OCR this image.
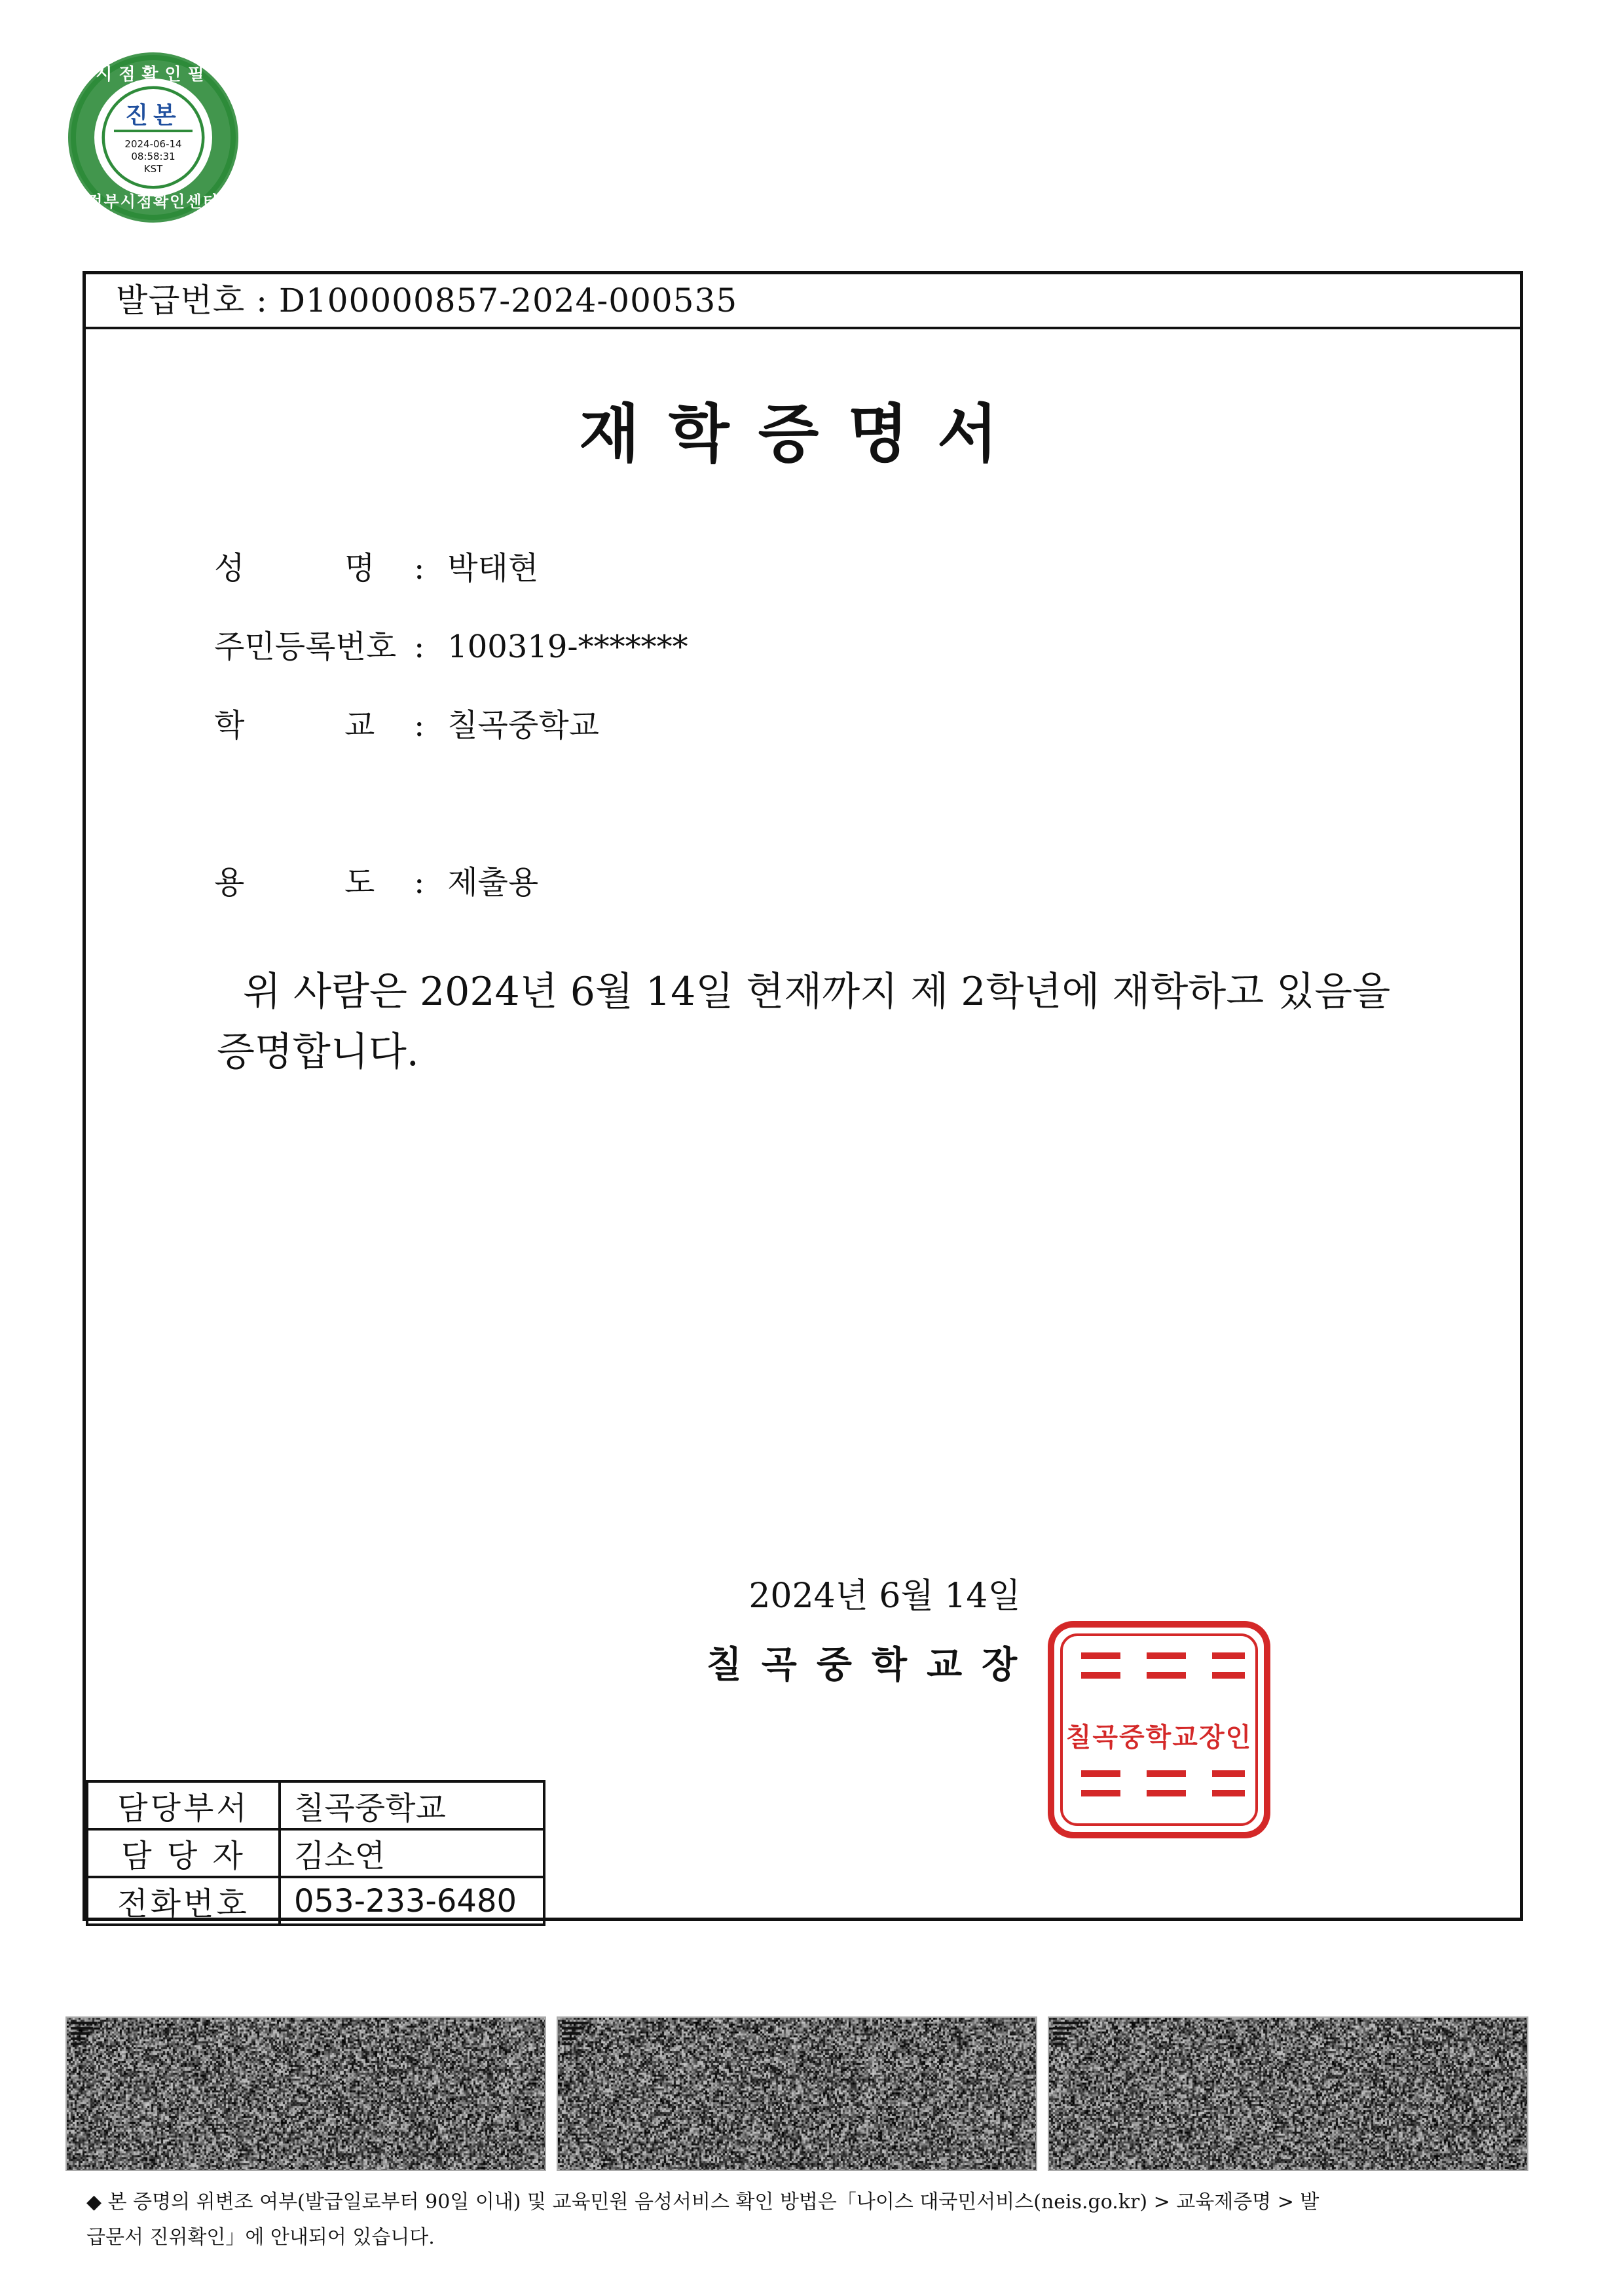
시점확인필
진본
2024-06-14
08:58:31
KST
정부시점확인센터
발급번호 : D100000857-2024-000535
재학증명서
성          명 : 박태현
주민등록번호 : 100319-*******
학          교 : 칠곡중학교
용          도 : 제출용
위 사람은 2024년 6월 14일 현재까지 제 2학년에 재학하고 있음을
증명합니다.
2024년 6월 14일
칠곡중학교장
칠곡중학교장인
담당부서	칠곡중학교
담 당 자	김소연
전화번호	053-233-6480
◆ 본 증명의 위변조 여부(발급일로부터 90일 이내) 및 교육민원 음성서비스 확인 방법은「나이스 대국민서비스(neis.go.kr) > 교육제증명 > 발
급문서 진위확인」에 안내되어 있습니다.
